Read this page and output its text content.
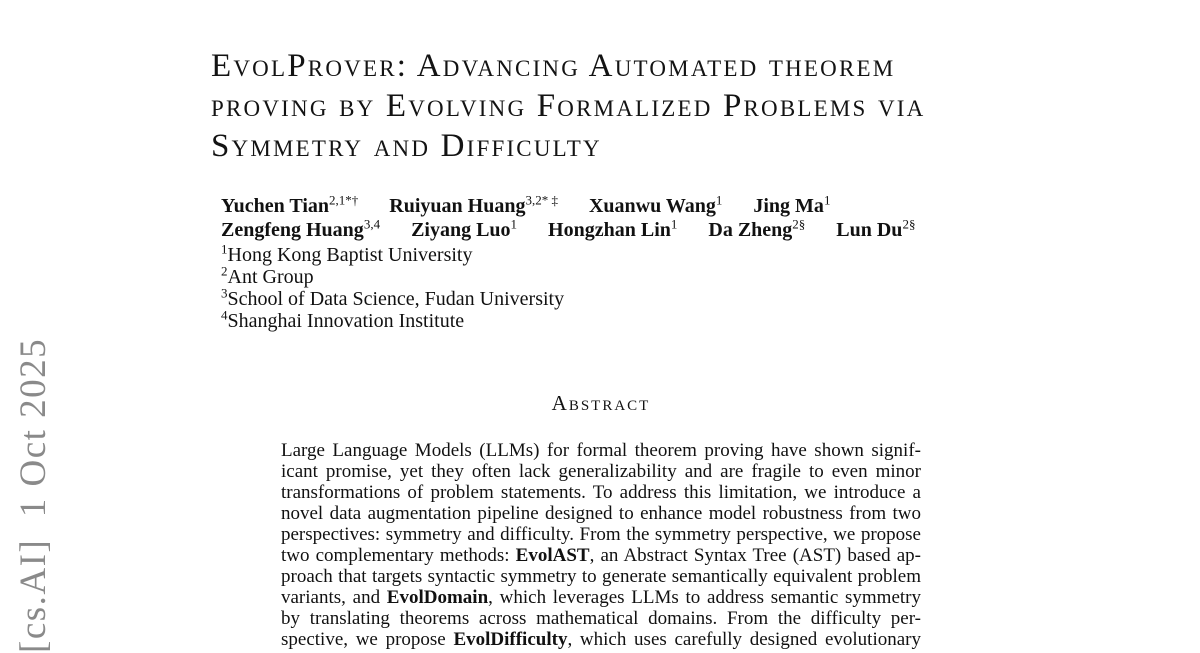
[cs.AI]  1 Oct 2025
EvolProver: Advancing Automated theorem
proving by Evolving Formalized Problems via
Symmetry and Difficulty
Yuchen Tian$^{2,1*\dagger}$ Ruiyuan Huang$^{3,2* \ddagger}$ Xuanwu Wang$^1$ Jing Ma$^1$
Zengfeng Huang$^{3,4}$ Ziyang Luo$^1$ Hongzhan Lin$^1$ Da Zheng$^{2\S}$ Lun $Du^{2\S}$
$^1$Hong Kong Baptist University
$^2$Ant Group
$^3$School of Data Science, Fudan University
$^4$Shanghai Innovation Institute
Abstract
Large Language Models (LLMs) for formal theorem proving have shown signif-
icant promise, yet they often lack generalizability and are fragile to even minor
transformations of problem statements. To address this limitation, we introduce a
novel data augmentation pipeline designed to enhance model robustness from two
perspectives: symmetry and difficulty. From the symmetry perspective, we propose
two complementary methods: EvolAST, an Abstract Syntax Tree (AST) based ap-
proach that targets syntactic symmetry to generate semantically equivalent problem
variants, and EvolDomain, which leverages LLMs to address semantic symmetry
by translating theorems across mathematical domains. From the difficulty per-
spective, we propose EvolDifficulty, which uses carefully designed evolutionary
